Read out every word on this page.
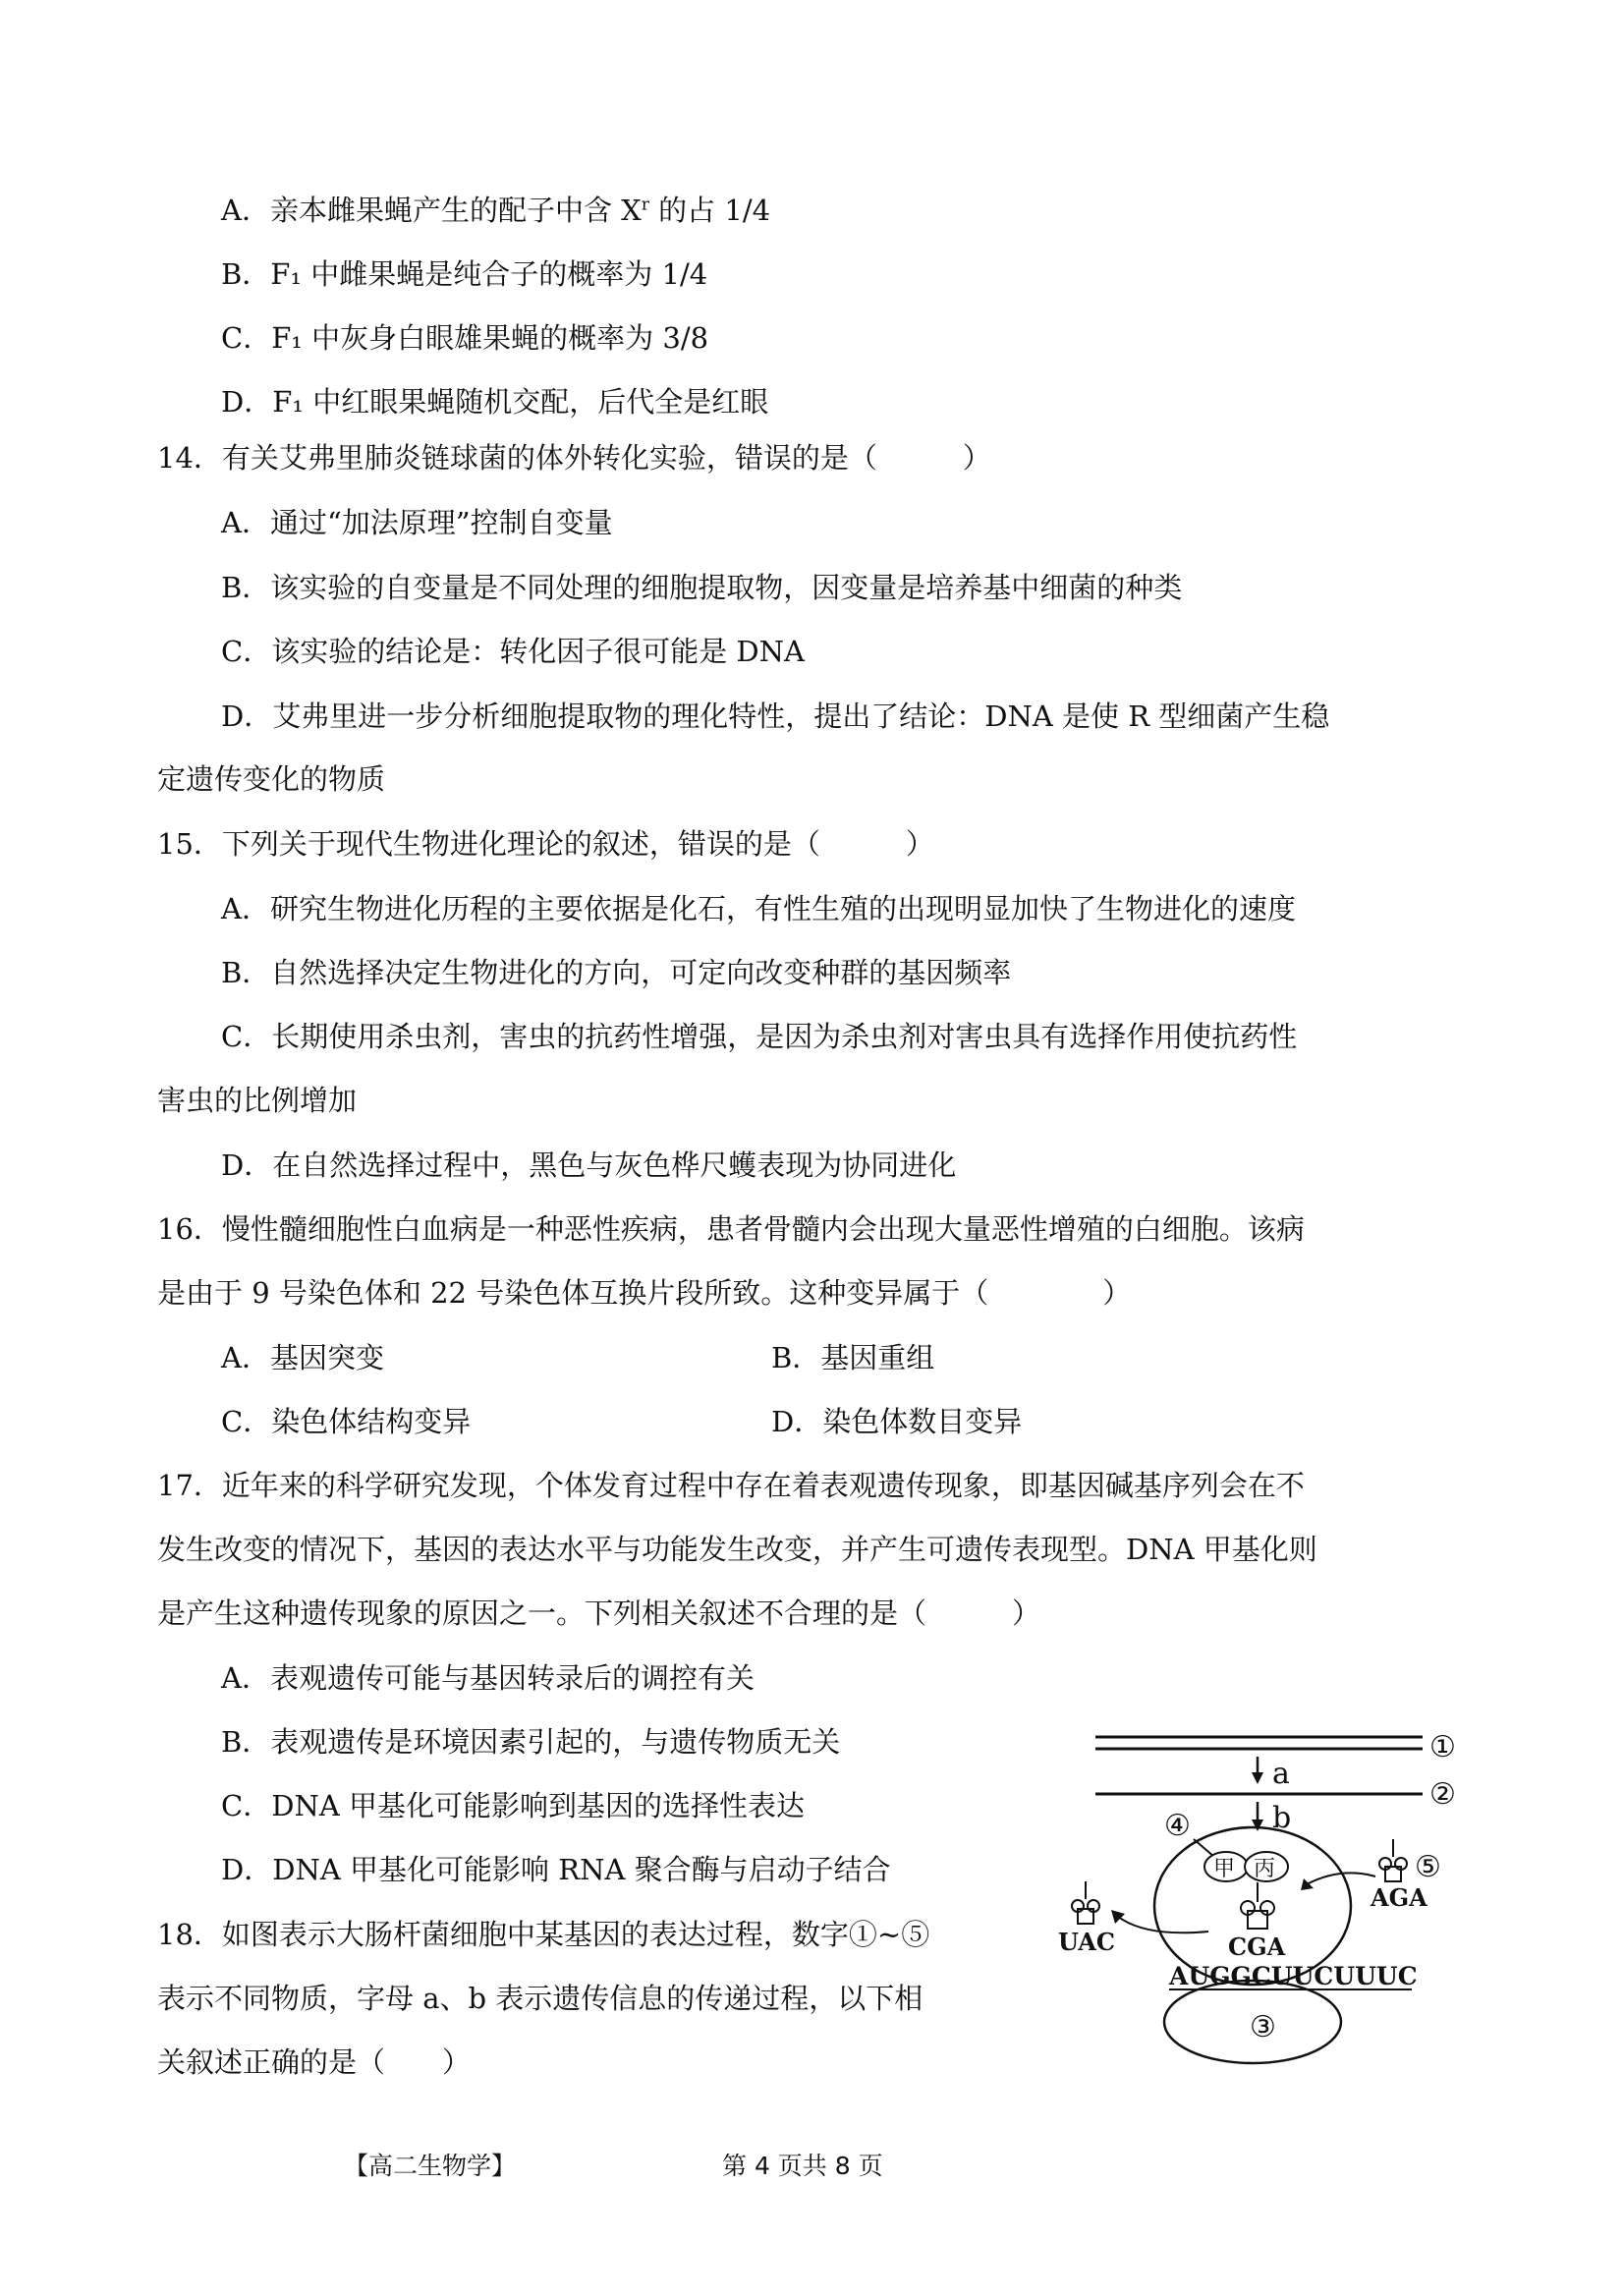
A．亲本雌果蝇产生的配子中含 $X^r$ 的占 1/4
B．F₁ 中雌果蝇是纯合子的概率为 1/4
C．F₁ 中灰身白眼雄果蝇的概率为 3/8
D．F₁ 中红眼果蝇随机交配，后代全是红眼
14．有关艾弗里肺炎链球菌的体外转化实验，错误的是（　　　）
A．通过“加法原理”控制自变量
B．该实验的自变量是不同处理的细胞提取物，因变量是培养基中细菌的种类
C．该实验的结论是：转化因子很可能是 DNA
D．艾弗里进一步分析细胞提取物的理化特性，提出了结论：DNA 是使 R 型细菌产生稳
定遗传变化的物质
15．下列关于现代生物进化理论的叙述，错误的是（　　　）
A．研究生物进化历程的主要依据是化石，有性生殖的出现明显加快了生物进化的速度
B．自然选择决定生物进化的方向，可定向改变种群的基因频率
C．长期使用杀虫剂，害虫的抗药性增强，是因为杀虫剂对害虫具有选择作用使抗药性
害虫的比例增加
D．在自然选择过程中，黑色与灰色桦尺蠖表现为协同进化
16．慢性髓细胞性白血病是一种恶性疾病，患者骨髓内会出现大量恶性增殖的白细胞。该病
是由于 9 号染色体和 22 号染色体互换片段所致。这种变异属于（　　　　）
A．基因突变	B．基因重组
C．染色体结构变异	D．染色体数目变异
17．近年来的科学研究发现，个体发育过程中存在着表观遗传现象，即基因碱基序列会在不
发生改变的情况下，基因的表达水平与功能发生改变，并产生可遗传表现型。DNA 甲基化则
是产生这种遗传现象的原因之一。下列相关叙述不合理的是（　　　）
A．表观遗传可能与基因转录后的调控有关
B．表观遗传是环境因素引起的，与遗传物质无关
C．DNA 甲基化可能影响到基因的选择性表达
D．DNA 甲基化可能影响 RNA 聚合酶与启动子结合
18．如图表示大肠杆菌细胞中某基因的表达过程，数字①~⑤
表示不同物质，字母 a、b 表示遗传信息的传递过程，以下相
关叙述正确的是（　　）
①
a
②
b
④
甲 丙
CGA
AUGGCUUCUUUC
③
⑤
AGA
UAC
【高二生物学】	第 4 页共 8 页
